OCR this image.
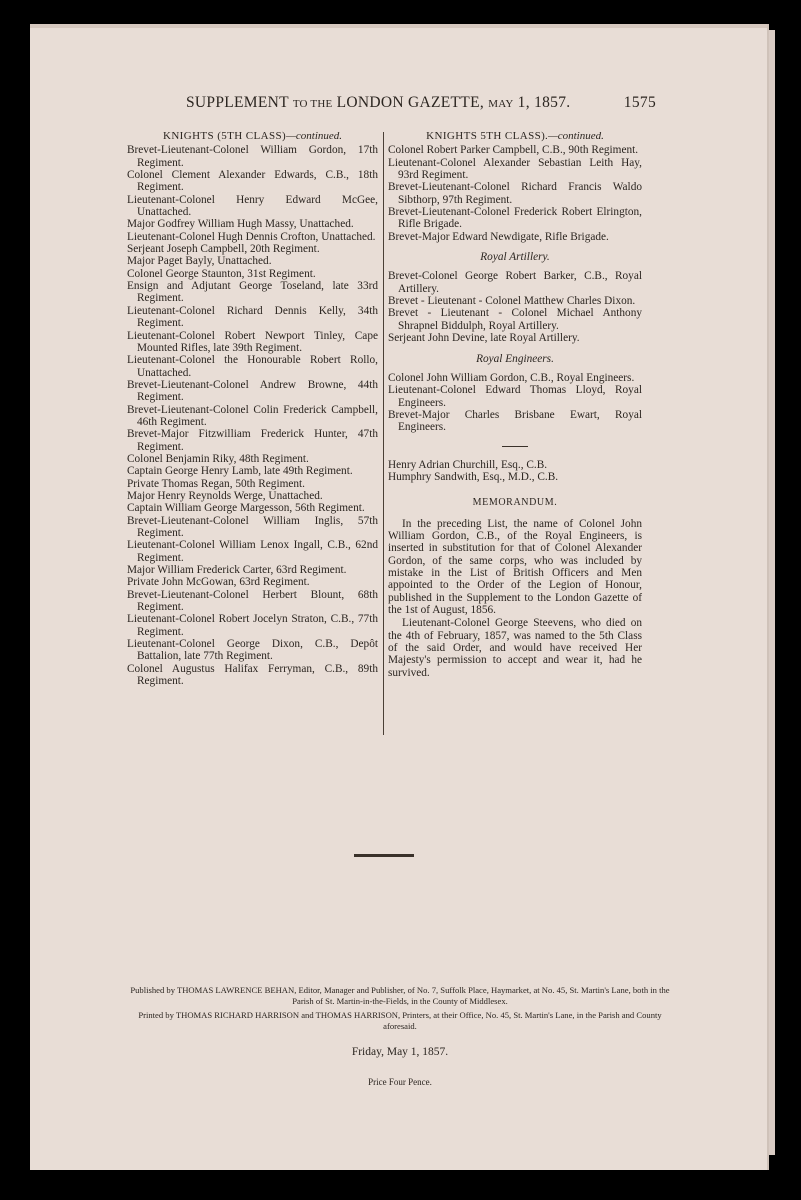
SUPPLEMENT TO THE LONDON GAZETTE, MAY 1, 1857.	1575
KNIGHTS (5TH CLASS)—continued.
Brevet-Lieutenant-Colonel William Gordon, 17th Regiment.
Colonel Clement Alexander Edwards, C.B., 18th Regiment.
Lieutenant-Colonel Henry Edward McGee, Unattached.
Major Godfrey William Hugh Massy, Unattached.
Lieutenant-Colonel Hugh Dennis Crofton, Unattached.
Serjeant Joseph Campbell, 20th Regiment.
Major Paget Bayly, Unattached.
Colonel George Staunton, 31st Regiment.
Ensign and Adjutant George Toseland, late 33rd Regiment.
Lieutenant-Colonel Richard Dennis Kelly, 34th Regiment.
Lieutenant-Colonel Robert Newport Tinley, Cape Mounted Rifles, late 39th Regiment.
Lieutenant-Colonel the Honourable Robert Rollo, Unattached.
Brevet-Lieutenant-Colonel Andrew Browne, 44th Regiment.
Brevet-Lieutenant-Colonel Colin Frederick Campbell, 46th Regiment.
Brevet-Major Fitzwilliam Frederick Hunter, 47th Regiment.
Colonel Benjamin Riky, 48th Regiment.
Captain George Henry Lamb, late 49th Regiment.
Private Thomas Regan, 50th Regiment.
Major Henry Reynolds Werge, Unattached.
Captain William George Margesson, 56th Regiment.
Brevet-Lieutenant-Colonel William Inglis, 57th Regiment.
Lieutenant-Colonel William Lenox Ingall, C.B., 62nd Regiment.
Major William Frederick Carter, 63rd Regiment.
Private John McGowan, 63rd Regiment.
Brevet-Lieutenant-Colonel Herbert Blount, 68th Regiment.
Lieutenant-Colonel Robert Jocelyn Straton, C.B., 77th Regiment.
Lieutenant-Colonel George Dixon, C.B., Depôt Battalion, late 77th Regiment.
Colonel Augustus Halifax Ferryman, C.B., 89th Regiment.
KNIGHTS 5TH CLASS).—continued.
Colonel Robert Parker Campbell, C.B., 90th Regiment.
Lieutenant-Colonel Alexander Sebastian Leith Hay, 93rd Regiment.
Brevet-Lieutenant-Colonel Richard Francis Waldo Sibthorp, 97th Regiment.
Brevet-Lieutenant-Colonel Frederick Robert Elrington, Rifle Brigade.
Brevet-Major Edward Newdigate, Rifle Brigade.
Royal Artillery.
Brevet-Colonel George Robert Barker, C.B., Royal Artillery.
Brevet - Lieutenant - Colonel Matthew Charles Dixon.
Brevet - Lieutenant - Colonel Michael Anthony Shrapnel Biddulph, Royal Artillery.
Serjeant John Devine, late Royal Artillery.
Royal Engineers.
Colonel John William Gordon, C.B., Royal Engineers.
Lieutenant-Colonel Edward Thomas Lloyd, Royal Engineers.
Brevet-Major Charles Brisbane Ewart, Royal Engineers.
Henry Adrian Churchill, Esq., C.B.
Humphry Sandwith, Esq., M.D., C.B.
MEMORANDUM.
In the preceding List, the name of Colonel John William Gordon, C.B., of the Royal Engineers, is inserted in substitution for that of Colonel Alexander Gordon, of the same corps, who was included by mistake in the List of British Officers and Men appointed to the Order of the Legion of Honour, published in the Supplement to the London Gazette of the 1st of August, 1856.
Lieutenant-Colonel George Steevens, who died on the 4th of February, 1857, was named to the 5th Class of the said Order, and would have received Her Majesty's permission to accept and wear it, had he survived.
Published by THOMAS LAWRENCE BEHAN, Editor, Manager and Publisher, of No. 7, Suffolk Place, Haymarket, at No. 45, St. Martin's Lane, both in the Parish of St. Martin-in-the-Fields, in the County of Middlesex.
Printed by THOMAS RICHARD HARRISON and THOMAS HARRISON, Printers, at their Office, No. 45, St. Martin's Lane, in the Parish and County aforesaid.
Friday, May 1, 1857.
Price Four Pence.
